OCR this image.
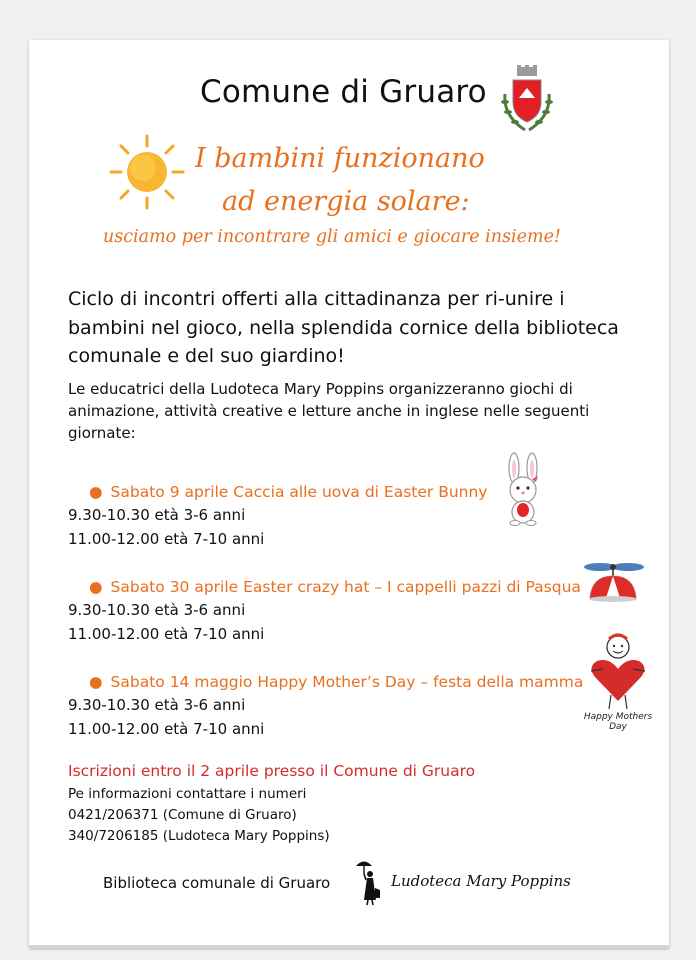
Comune di Gruaro
I bambini funzionano
ad energia solare:
usciamo per incontrare gli amici e giocare insieme!
Ciclo di incontri offerti alla cittadinanza per ri-unire i bambini nel gioco, nella splendida cornice della biblioteca comunale e del suo giardino!
Le educatrici della Ludoteca Mary Poppins organizzeranno giochi di animazione, attività creative e letture anche in inglese nelle seguenti giornate:
● Sabato 9 aprile Caccia alle uova di Easter Bunny
9.30-10.30 età 3-6 anni
11.00-12.00 età 7-10 anni
● Sabato 30 aprile Easter crazy hat – I cappelli pazzi di Pasqua
9.30-10.30 età 3-6 anni
11.00-12.00 età 7-10 anni
● Sabato 14 maggio Happy Mother’s Day – festa della mamma
9.30-10.30 età 3-6 anni
11.00-12.00 età 7-10 anni
Happy Mothers Day
Iscrizioni entro il 2 aprile presso il Comune di Gruaro
Pe informazioni contattare i numeri
0421/206371 (Comune di Gruaro)
340/7206185 (Ludoteca Mary Poppins)
Biblioteca comunale di Gruaro	Ludoteca Mary Poppins
